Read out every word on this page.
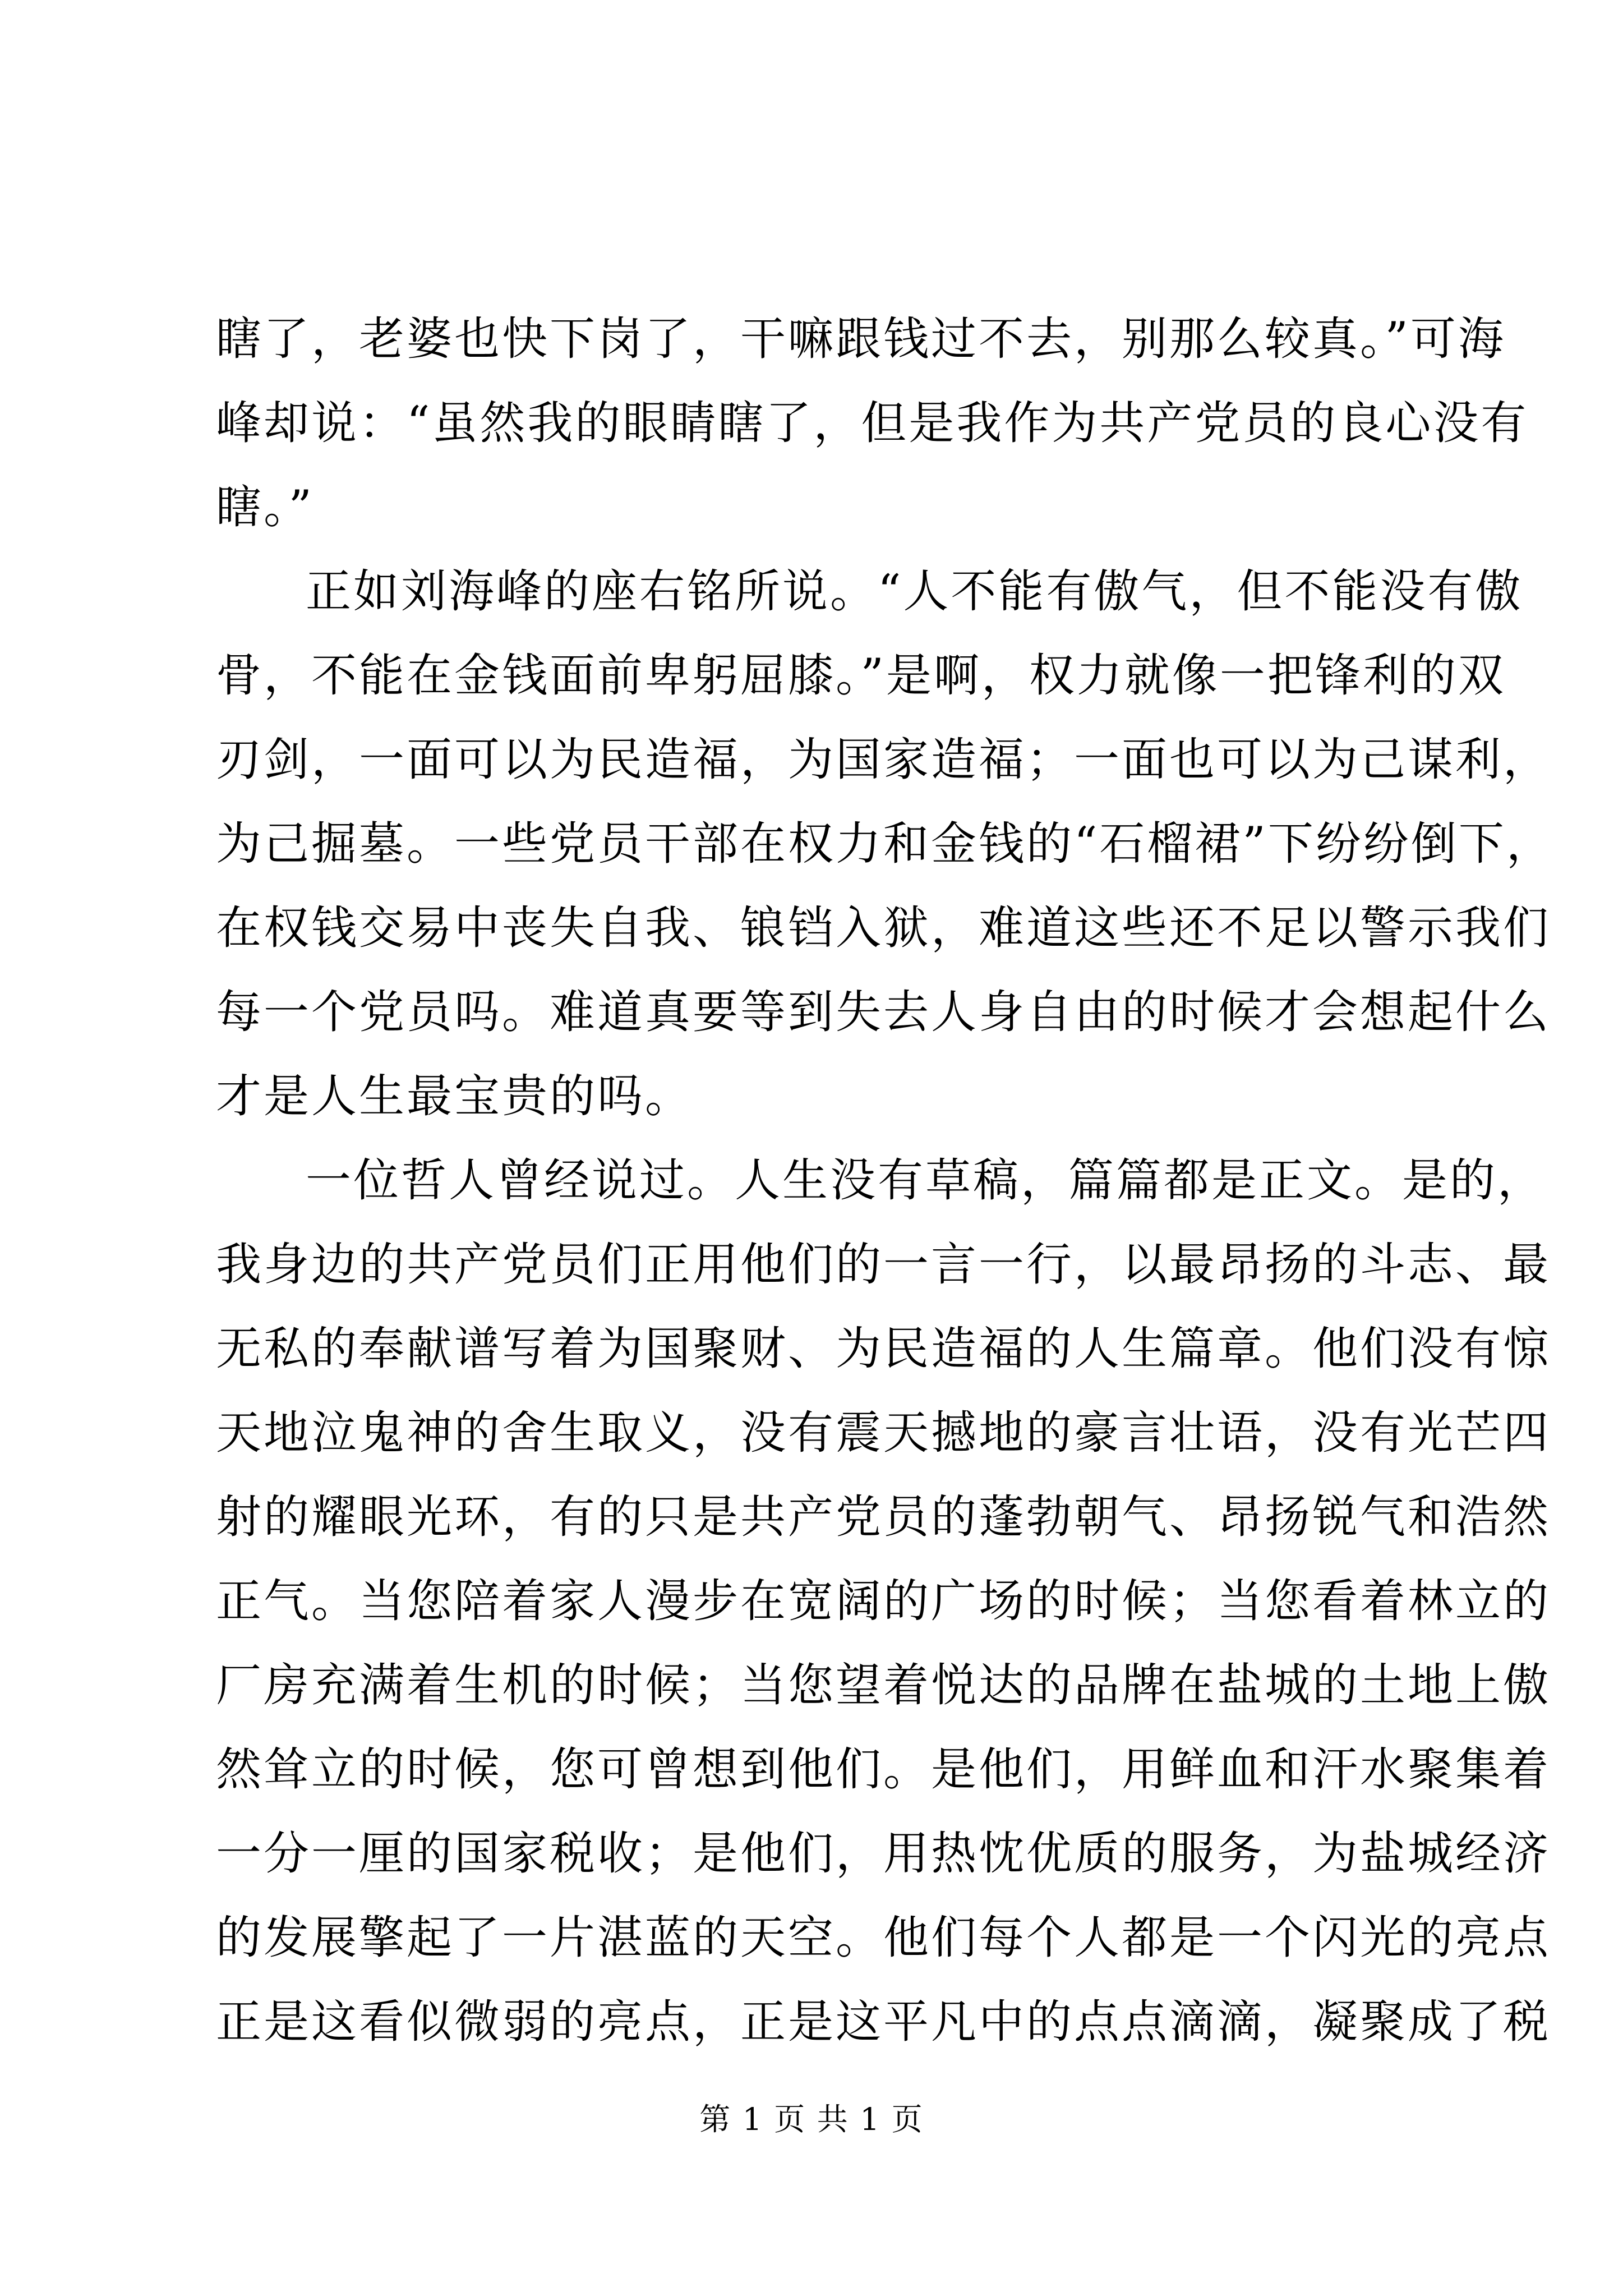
瞎了，老婆也快下岗了，干嘛跟钱过不去，别那么较真。”可海
峰却说：“虽然我的眼睛瞎了，但是我作为共产党员的良心没有
瞎。”
正如刘海峰的座右铭所说。“人不能有傲气，但不能没有傲
骨，不能在金钱面前卑躬屈膝。”是啊，权力就像一把锋利的双
刃剑，一面可以为民造福，为国家造福；一面也可以为己谋利，
为己掘墓。一些党员干部在权力和金钱的“石榴裙”下纷纷倒下，
在权钱交易中丧失自我、锒铛入狱，难道这些还不足以警示我们
每一个党员吗。难道真要等到失去人身自由的时候才会想起什么
才是人生最宝贵的吗。
一位哲人曾经说过。人生没有草稿，篇篇都是正文。是的，
我身边的共产党员们正用他们的一言一行，以最昂扬的斗志、最
无私的奉献谱写着为国聚财、为民造福的人生篇章。他们没有惊
天地泣鬼神的舍生取义，没有震天撼地的豪言壮语，没有光芒四
射的耀眼光环，有的只是共产党员的蓬勃朝气、昂扬锐气和浩然
正气。当您陪着家人漫步在宽阔的广场的时候；当您看着林立的
厂房充满着生机的时候；当您望着悦达的品牌在盐城的土地上傲
然耸立的时候，您可曾想到他们。是他们，用鲜血和汗水聚集着
一分一厘的国家税收；是他们，用热忱优质的服务，为盐城经济
的发展擎起了一片湛蓝的天空。他们每个人都是一个闪光的亮点
正是这看似微弱的亮点，正是这平凡中的点点滴滴，凝聚成了税
第 1 页 共 1 页
